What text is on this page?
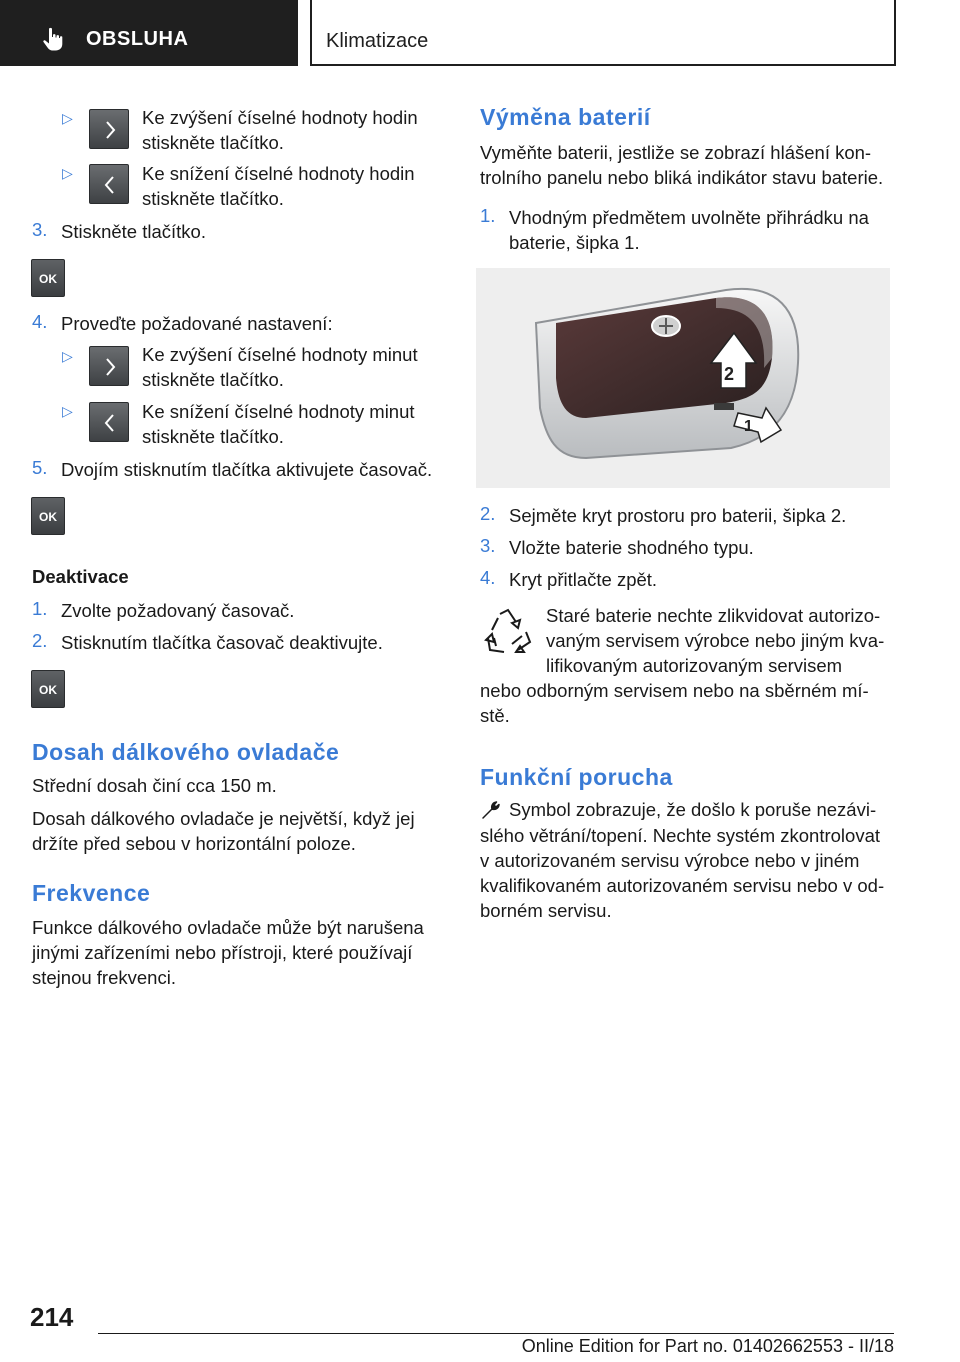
OBSLUHA	Klimatizace
▷	Ke zvýšení číselné hodnoty hodin stiskněte tlačítko.
▷	Ke snížení číselné hodnoty hodin stiskněte tlačítko.
3. Stiskněte tlačítko.
OK
4. Proveďte požadované nastavení:
▷	Ke zvýšení číselné hodnoty minut stiskněte tlačítko.
▷	Ke snížení číselné hodnoty minut stiskněte tlačítko.
5. Dvojím stisknutím tlačítka aktivujete časovač.
OK
Deaktivace
1. Zvolte požadovaný časovač.
2. Stisknutím tlačítka časovač deaktivujte.
OK
Dosah dálkového ovladače
Střední dosah činí cca 150 m.
Dosah dálkového ovladače je největší, když jej
držíte před sebou v horizontální poloze.
Frekvence
Funkce dálkového ovladače může být narušena
jinými zařízeními nebo přístroji, které používají
stejnou frekvenci.
Výměna baterií
Vyměňte baterii, jestliže se zobrazí hlášení kon-
trolního panelu nebo bliká indikátor stavu baterie.
1. Vhodným předmětem uvolněte přihrádku na
baterie, šipka 1.
2
1
2. Sejměte kryt prostoru pro baterii, šipka 2.
3. Vložte baterie shodného typu.
4. Kryt přitlačte zpět.
Staré baterie nechte zlikvidovat autorizo-
vaným servisem výrobce nebo jiným kva-
lifikovaným autorizovaným servisem
nebo odborným servisem nebo na sběrném mí-
stě.
Funkční porucha
Symbol zobrazuje, že došlo k poruše nezávi-
slého větrání/topení. Nechte systém zkontrolovat
v autorizovaném servisu výrobce nebo v jiném
kvalifikovaném autorizovaném servisu nebo v od-
borném servisu.
214
Online Edition for Part no. 01402662553 - II/18
